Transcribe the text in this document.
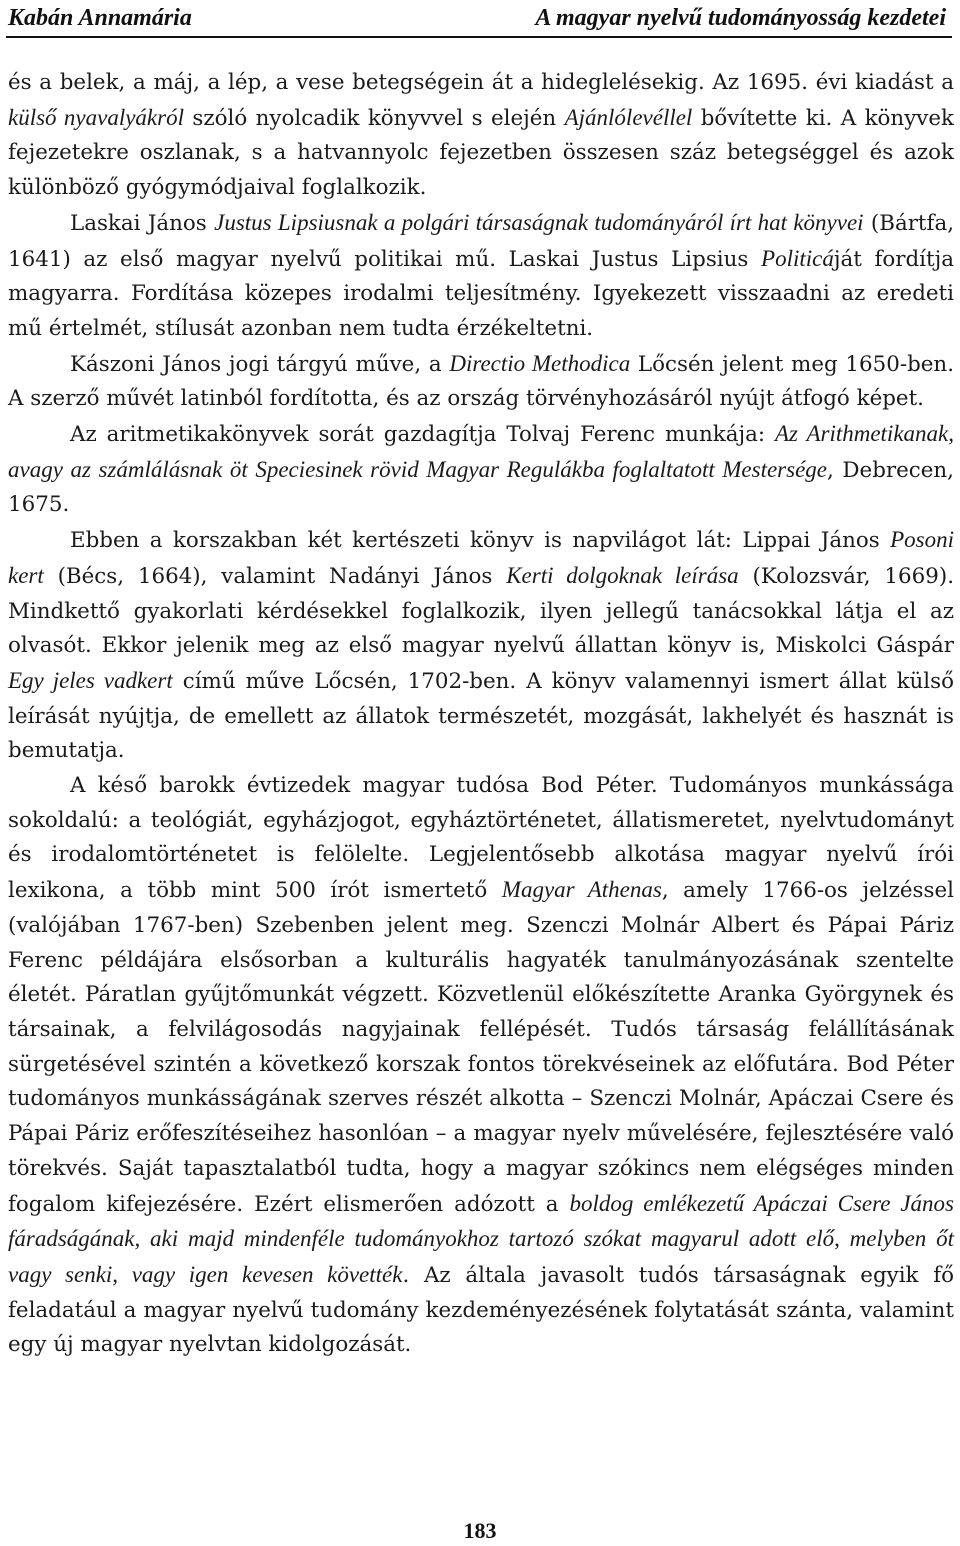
Kabán Annamária	A magyar nyelvű tudományosság kezdetei

és a belek, a máj, a lép, a vese betegségein át a hideglelésekig. Az 1695. évi kiadást a külső nyavalyákról szóló nyolcadik könyvvel s elején Ajánlólevéllel bővítette ki. A könyvek fejezetekre oszlanak, s a hatvannyolc fejezetben összesen száz betegséggel és azok különböző gyógymódjaival foglalkozik.

Laskai János Justus Lipsiusnak a polgári társaságnak tudományáról írt hat könyvei (Bártfa, 1641) az első magyar nyelvű politikai mű. Laskai Justus Lipsius Politicáját fordítja magyarra. Fordítása közepes irodalmi teljesítmény. Igyekezett visszaadni az eredeti mű értelmét, stílusát azonban nem tudta érzékeltetni.

Kászoni János jogi tárgyú műve, a Directio Methodica Lőcsén jelent meg 1650-ben. A szerző művét latinból fordította, és az ország törvényhozásáról nyújt átfogó képet.

Az aritmetikakönyvek sorát gazdagítja Tolvaj Ferenc munkája: Az Arithmetikanak, avagy az számlálásnak öt Speciesinek rövid Magyar Regulákba foglaltatott Mestersége, Debrecen, 1675.

Ebben a korszakban két kertészeti könyv is napvilágot lát: Lippai János Posoni kert (Bécs, 1664), valamint Nadányi János Kerti dolgoknak leírása (Kolozsvár, 1669). Mindkettő gyakorlati kérdésekkel foglalkozik, ilyen jellegű tanácsokkal látja el az olvasót. Ekkor jelenik meg az első magyar nyelvű állattan könyv is, Miskolci Gáspár Egy jeles vadkert című műve Lőcsén, 1702-ben. A könyv valamennyi ismert állat külső leírását nyújtja, de emellett az állatok természetét, mozgását, lakhelyét és hasznát is bemutatja.

A késő barokk évtizedek magyar tudósa Bod Péter. Tudományos munkássága sokoldalú: a teológiát, egyházjogot, egyháztörténetet, állatismeretet, nyelvtudományt és irodalomtörténetet is felölelte. Legjelentősebb alkotása magyar nyelvű írói lexikona, a több mint 500 írót ismertető Magyar Athenas, amely 1766-os jelzéssel (valójában 1767-ben) Szebenben jelent meg. Szenczi Molnár Albert és Pápai Páriz Ferenc példájára elsősorban a kulturális hagyaték tanulmányozásának szentelte életét. Páratlan gyűjtőmunkát végzett. Közvetlenül előkészítette Aranka Györgynek és társainak, a felvilágosodás nagyjainak fellépését. Tudós társaság felállításának sürgetésével szintén a következő korszak fontos törekvéseinek az előfutára. Bod Péter tudományos munkásságának szerves részét alkotta – Szenczi Molnár, Apáczai Csere és Pápai Páriz erőfeszítéseihez hasonlóan – a magyar nyelv művelésére, fejlesztésére való törekvés. Saját tapasztalatból tudta, hogy a magyar szókincs nem elégséges minden fogalom kifejezésére. Ezért elismerően adózott a boldog emlékezetű Apáczai Csere János fáradságának, aki majd mindenféle tudományokhoz tartozó szókat magyarul adott elő, melyben őt vagy senki, vagy igen kevesen követték. Az általa javasolt tudós társaságnak egyik fő feladatául a magyar nyelvű tudomány kezdeményezésének folytatását szánta, valamint egy új magyar nyelvtan kidolgozását.

183
